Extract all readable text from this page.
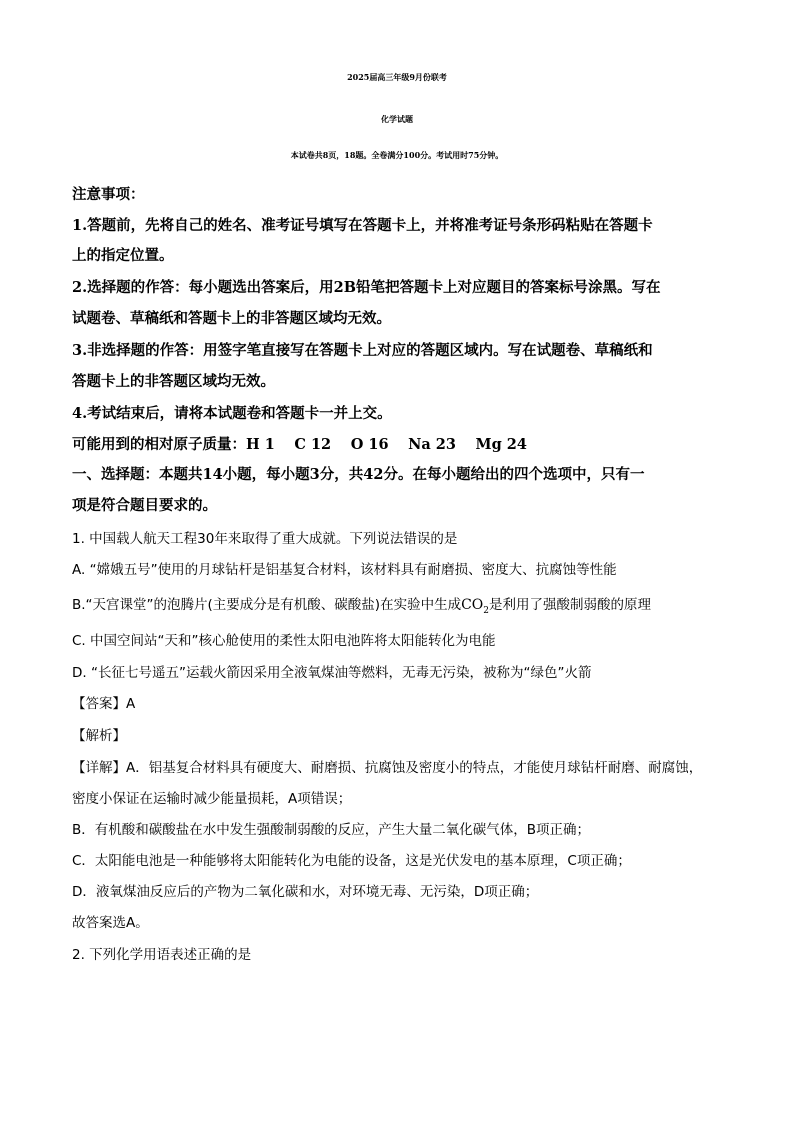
2025届高三年级9月份联考
化学试题
本试卷共8页，18题。全卷满分100分。考试用时75分钟。
注意事项：
1.答题前，先将自己的姓名、准考证号填写在答题卡上，并将准考证号条形码粘贴在答题卡
上的指定位置。
2.选择题的作答：每小题选出答案后，用2B铅笔把答题卡上对应题目的答案标号涂黑。写在
试题卷、草稿纸和答题卡上的非答题区域均无效。
3.非选择题的作答：用签字笔直接写在答题卡上对应的答题区域内。写在试题卷、草稿纸和
答题卡上的非答题区域均无效。
4.考试结束后，请将本试题卷和答题卡一并上交。
可能用到的相对原子质量：H 1　 C 12　 O 16　 Na 23　 Mg 24
一、选择题：本题共14小题，每小题3分，共42分。在每小题给出的四个选项中，只有一
项是符合题目要求的。
1. 中国载人航天工程30年来取得了重大成就。下列说法错误的是
A. “嫦娥五号”使用的月球钻杆是铝基复合材料，该材料具有耐磨损、密度大、抗腐蚀等性能
B.“天宫课堂”的泡腾片(主要成分是有机酸、碳酸盐)在实验中生成$CO_2$是利用了强酸制弱酸的原理
C. 中国空间站“天和”核心舱使用的柔性太阳电池阵将太阳能转化为电能
D. “长征七号遥五”运载火箭因采用全液氧煤油等燃料，无毒无污染，被称为“绿色”火箭
【答案】A
【解析】
【详解】A．铝基复合材料具有硬度大、耐磨损、抗腐蚀及密度小的特点，才能使月球钻杆耐磨、耐腐蚀，
密度小保证在运输时减少能量损耗，A项错误；
B．有机酸和碳酸盐在水中发生强酸制弱酸的反应，产生大量二氧化碳气体，B项正确；
C．太阳能电池是一种能够将太阳能转化为电能的设备，这是光伏发电的基本原理，C项正确；
D．液氧煤油反应后的产物为二氧化碳和水，对环境无毒、无污染，D项正确；
故答案选A。
2. 下列化学用语表述正确的是
